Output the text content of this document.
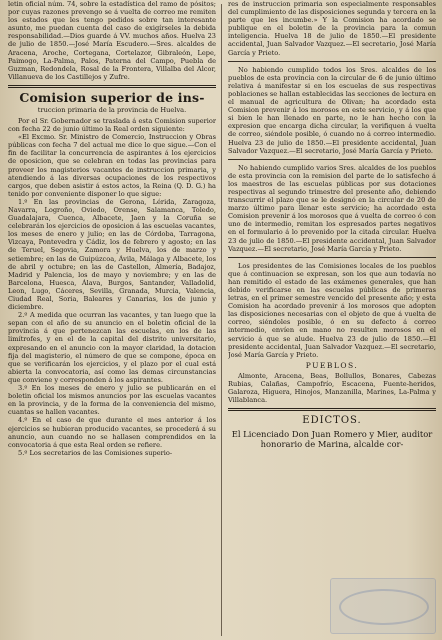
letin oficial núm. 74, sobre la estadística del ramo de pósitos; por cuyas razones prevengo se á vuelta de correo me remiten los estados que les tengo pedidos sobre tan interesante asunto, me puedan cuenta del caso de exigírseles la debida responsabilidad.—Dios guarde á VV. muchos años. Huelva 23 de julio de 1850.—José María Escudero.—Sres. alcaldes de Aracena, Aroche, Cortegana, Cortelazor, Gibraleón, Lepe, Paimogo, La-Palma, Palos, Paterna del Campo, Puebla de Guzman, Redondela, Rosal de la Frontera, Villalba del Alcor, Villanueva de los Castillejos y Zufre.

Comision superior de ins-
truccion primaria de la provincia de Huelva.

Por el Sr. Gobernador se traslada á esta Comision superior con fecha 22 de junio último la Real orden siguiente:

«El Excmo. Sr. Ministro de Comercio, Instruccion y Obras públicas con fecha 7 del actual me dice lo que sigue.—Con el fin de facilitar la concurrencia de aspirantes á los ejercicios de oposicion, que se celebran en todas las provincias para proveer los magisterios vacantes de instruccion primaria, y atendiendo á las diversas ocupaciones de los respectivos cargos, que deben asistir á estos actos, la Reina (Q. D. G.) ha tenido por conveniente disponer lo que sigue:

1.º En las provincias de Gerona, Lérida, Zaragoza, Navarra, Logroño, Oviedo, Orense, Salamanca, Toledo, Guadalajara, Cuenca, Albacete, Jaen y la Coruña se celebrarán los ejercicios de oposicion á las escuelas vacantes, los meses de enero y julio; en las de Córdoba, Tarragona, Vizcaya, Pontevedra y Cádiz, los de febrero y agosto; en las de Teruel, Segovia, Zamora y Huelva, los de marzo y setiembre; en las de Guipúzcoa, Ávila, Málaga y Albacete, los de abril y octubre; en las de Castellon, Almería, Badajoz, Madrid y Palencia, los de mayo y noviembre; y en las de Barcelona, Huesca, Álava, Burgos, Santander, Valladolid, Leon, Lugo, Cáceres, Sevilla, Granada, Murcia, Valencia, Ciudad Real, Soria, Baleares y Canarias, los de junio y diciembre.

2.º A medida que ocurran las vacantes, y tan luego que la sepan con el año de su anuncio en el boletin oficial de la provincia á que pertenezcan las escuelas, en los de las limítrofes, y en el de la capital del distrito universitario, expresando en el anuncio con la mayor claridad, la dotacion fija del magisterio, el número de que se compone, época en que se verificarán los ejercicios, y el plazo por el cual está abierta la convocatoria, así como las demas circunstancias que conviene y corresponden á los aspirantes.

3.º En los meses de enero y julio se publicarán en el boletin oficial los mismos anuncios por las escuelas vacantes en la provincia, y de la forma de la conveniencia del mismo, cuantas se hallen vacantes.

4.º En el caso de que durante el mes anterior á los ejercicios se hubieran producido vacantes, se procederá á su anuncio, aun cuando no se hallasen comprendidos en la convocatoria á que esta Real orden se refiere.

5.º Los secretarios de las Comisiones superio-

res de instruccion primaria son especialmente responsables del cumplimiento de las disposiciones segunda y tercera en la parte que les incumbe.» Y la Comision ha acordado se publique en el boletin de la provincia para la comun inteligencia. Huelva 18 de julio de 1850.—El presidente accidental, Juan Salvador Vazquez.—El secretario, José María García y Prieto.

No habiendo cumplido todos los Sres. alcaldes de los pueblos de esta provincia con la circular de 6 de junio último relativa á manifestar si en los escuelas de sus respectivas poblaciones se hallan establecidas las secciones de lectura en el manual de agricultura de Olivan; ha acordado esta Comision prevenir á los morosos en este servicio, y á los que si bien le han llenado en parte, no le han hecho con la expresion que encarga dicha circular, la verifiquen á vuelta de correo, siéndole posible, ó cuando no á correo intermedio. Huelva 23 de julio de 1850.—El presidente accidental, Juan Salvador Vazquez.—El secretario, José María García y Prieto.

No habiendo cumplido varios Sres. alcaldes de los pueblos de esta provincia con la remision del parte de lo satisfecho á los maestros de las escuelas públicas por sus dotaciones respectivas al segundo trimestre del presente año, debiendo transcurrir el plazo que se le designó en la circular de 20 de marzo último para llenar este servicio; ha acordado esta Comision prevenir á los morosos que á vuelta de correo ó con uno de intermedio, remitan los espresados partes negativos en el formulario á lo prevenido por la citada circular. Huelva 23 de julio de 1850.—El presidente accidental, Juan Salvador Vazquez.—El secretario, José María García y Prieto.

Los presidentes de las Comisiones locales de los pueblos que á continuacion se expresan, son los que aun todavía no han remitido el estado de las exámenes generales, que han debido verificarse en las escuelas públicas de primeras letras, en el primer semestre vencido del presente año; y esta Comision ha acordado prevenir á los morosos que adopten las disposiciones necesarias con el objeto de que á vuelta de correo, siéndoles posible, ó en su defecto á correo intermedio, envíen en mano no resulten morosos en el servicio á que se alude. Huelva 23 de julio de 1850.—El presidente accidental, Juan Salvador Vazquez.—El secretario, José María García y Prieto.

PUEBLOS.

Almonte, Aracena, Beas, Bollullos, Bonares, Cabezas Rubias, Calañas, Campofrío, Escacena, Fuente-heridos, Galaroza, Higuera, Hinojos, Manzanilla, Marines, La-Palma y Villablanca.

EDICTOS.

El Licenciado Don Juan Romero y Mier, auditor honorario de Marina, alcalde cor-
